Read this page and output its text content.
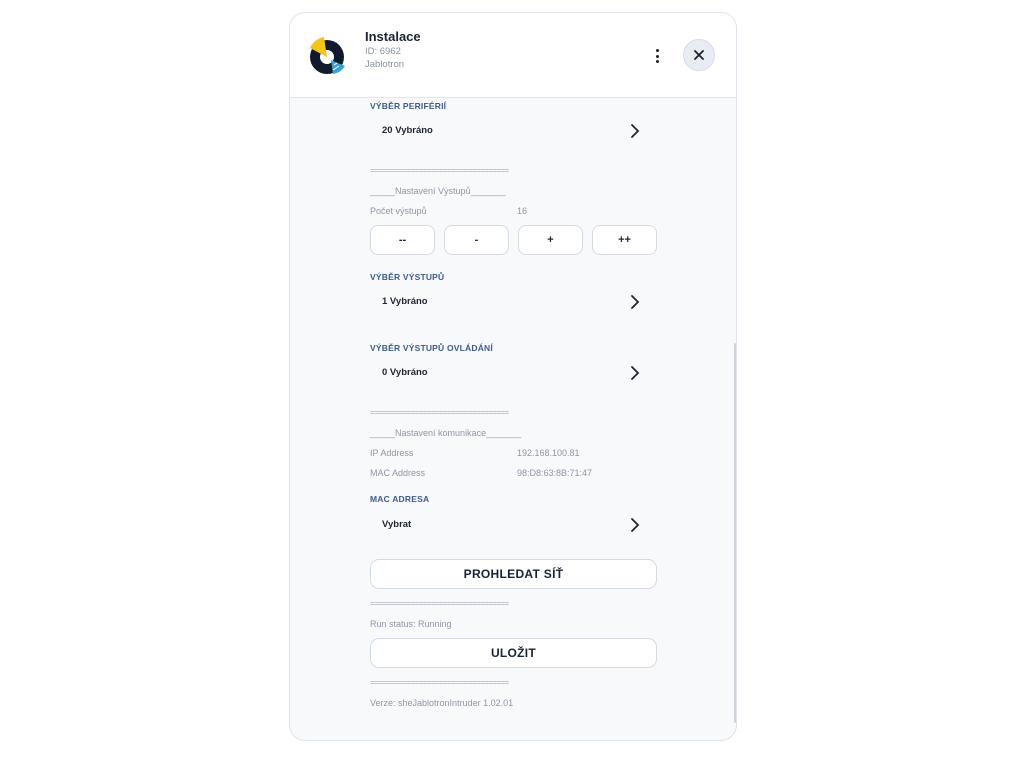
Instalace
ID: 6962
Jablotron
VÝBĚR PERIFÉRIÍ
20 Vybráno
==================================
_____Nastavení Výstupů_______
Počet výstupů	16
--	-	+	++
VÝBĚR VÝSTUPŮ
1 Vybráno
VÝBĚR VÝSTUPŮ OVLÁDÁNÍ
0 Vybráno
==================================
_____Nastavení komunikace_______
IP Address	192.168.100.81
MAC Address	98:D8:63:8B:71:47
MAC ADRESA
Vybrat
PROHLEDAT SÍŤ
==================================
Run status: Running
ULOŽIT
==================================
Verze: sheJablotronIntruder 1.02.01
